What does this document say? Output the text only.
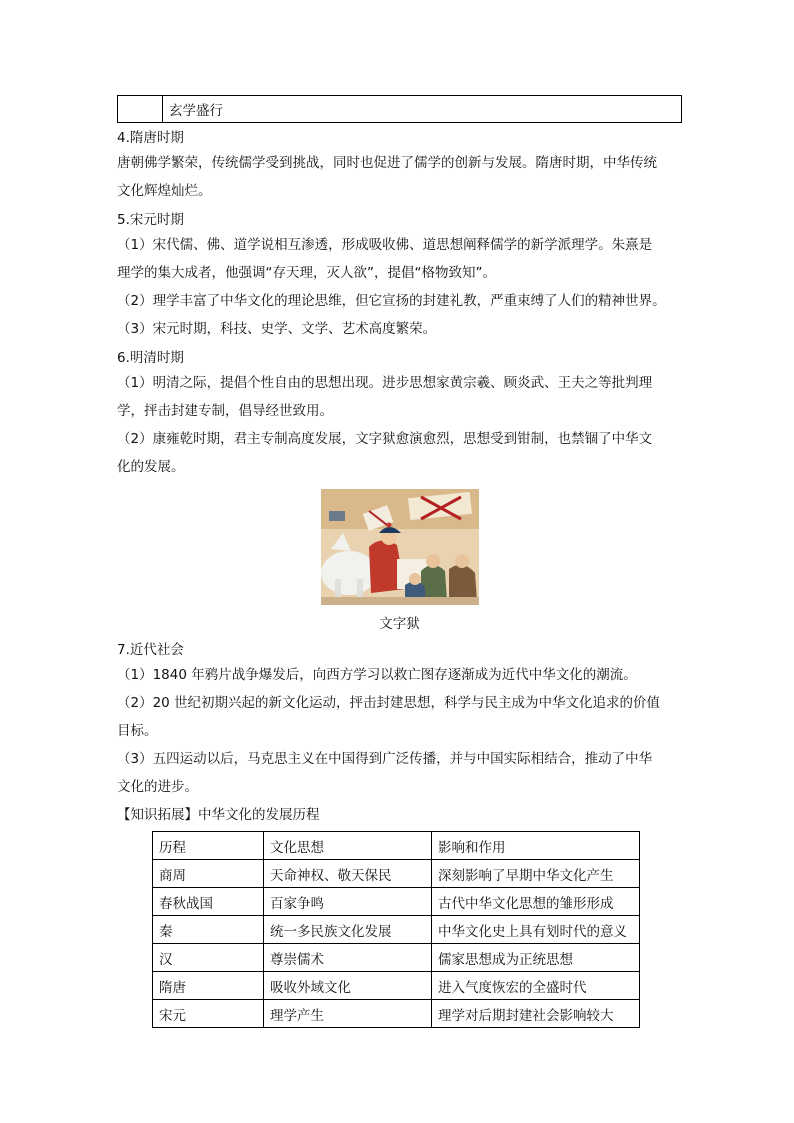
	玄学盛行
4.隋唐时期

唐朝佛学繁荣，传统儒学受到挑战，同时也促进了儒学的创新与发展。隋唐时期，中华传统

文化辉煌灿烂。

5.宋元时期

（1）宋代儒、佛、道学说相互渗透，形成吸收佛、道思想阐释儒学的新学派理学。朱熹是

理学的集大成者，他强调“存天理，灭人欲”，提倡“格物致知”。

（2）理学丰富了中华文化的理论思维，但它宣扬的封建礼教，严重束缚了人们的精神世界。

（3）宋元时期，科技、史学、文学、艺术高度繁荣。

6.明清时期

（1）明清之际，提倡个性自由的思想出现。进步思想家黄宗羲、顾炎武、王夫之等批判理

学，抨击封建专制，倡导经世致用。

（2）康雍乾时期，君主专制高度发展，文字狱愈演愈烈，思想受到钳制，也禁锢了中华文

化的发展。

文字狱
7.近代社会

（1）1840 年鸦片战争爆发后，向西方学习以救亡图存逐渐成为近代中华文化的潮流。

（2）20 世纪初期兴起的新文化运动，抨击封建思想，科学与民主成为中华文化追求的价值

目标。

（3）五四运动以后，马克思主义在中国得到广泛传播，并与中国实际相结合，推动了中华

文化的进步。

【知识拓展】中华文化的发展历程
历程	文化思想	影响和作用
商周	天命神权、敬天保民	深刻影响了早期中华文化产生
春秋战国	百家争鸣	古代中华文化思想的雏形形成
秦	统一多民族文化发展	中华文化史上具有划时代的意义
汉	尊崇儒术	儒家思想成为正统思想
隋唐	吸收外域文化	进入气度恢宏的全盛时代
宋元	理学产生	理学对后期封建社会影响较大
